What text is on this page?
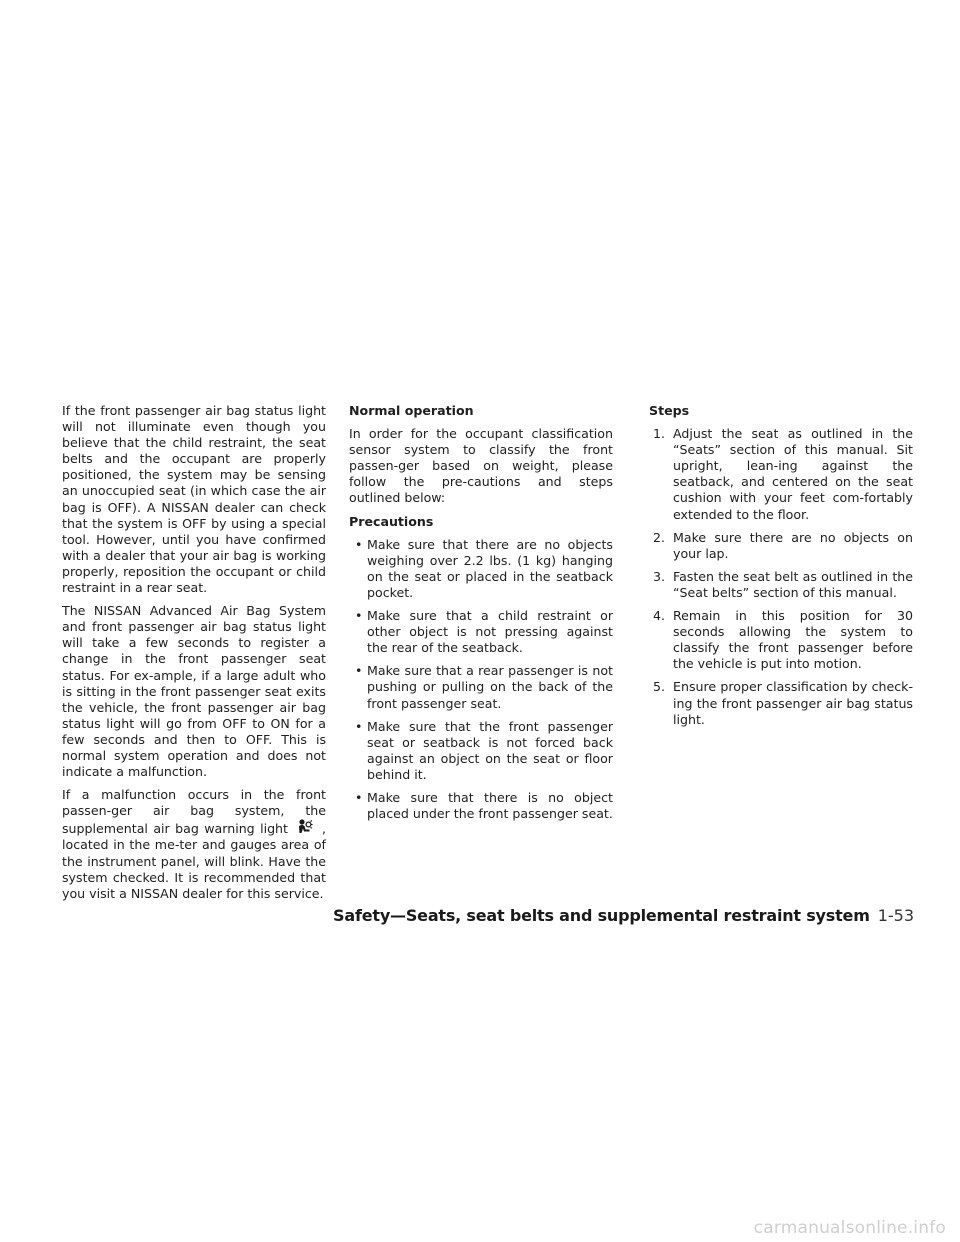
If the front passenger air bag status light will not illuminate even though you believe that the child restraint, the seat belts and the occupant are properly positioned, the system may be sensing an unoccupied seat (in which case the air bag is OFF). A NISSAN dealer can check that the system is OFF by using a special tool. However, until you have confirmed with a dealer that your air bag is working properly, reposition the occupant or child restraint in a rear seat.

The NISSAN Advanced Air Bag System and front passenger air bag status light will take a few seconds to register a change in the front passenger seat status. For ex-ample, if a large adult who is sitting in the front passenger seat exits the vehicle, the front passenger air bag status light will go from OFF to ON for a few seconds and then to OFF. This is normal system operation and does not indicate a malfunction.

If a malfunction occurs in the front passen-ger air bag system, the supplemental air bag warning light	, located in the me-ter and gauges area of the instrument panel, will blink. Have the system checked. It is recommended that you visit a NISSAN dealer for this service.

Normal operation

In order for the occupant classification sensor system to classify the front passen-ger based on weight, please follow the pre-cautions and steps outlined below:

Precautions
• Make sure that there are no objects weighing over 2.2 lbs. (1 kg) hanging on the seat or placed in the seatback pocket.
• Make sure that a child restraint or other object is not pressing against the rear of the seatback.
• Make sure that a rear passenger is not pushing or pulling on the back of the front passenger seat.
• Make sure that the front passenger seat or seatback is not forced back against an object on the seat or floor behind it.
• Make sure that there is no object placed under the front passenger seat.
Steps
1. Adjust the seat as outlined in the “Seats” section of this manual. Sit upright, lean-ing against the seatback, and centered on the seat cushion with your feet com-fortably extended to the floor.
2. Make sure there are no objects on your lap.
3. Fasten the seat belt as outlined in the “Seat belts” section of this manual.
4. Remain in this position for 30 seconds allowing the system to classify the front passenger before the vehicle is put into motion.
5. Ensure proper classification by check-ing the front passenger air bag status light.
Safety—Seats, seat belts and supplemental restraint system 1-53
carmanualsonline.info
